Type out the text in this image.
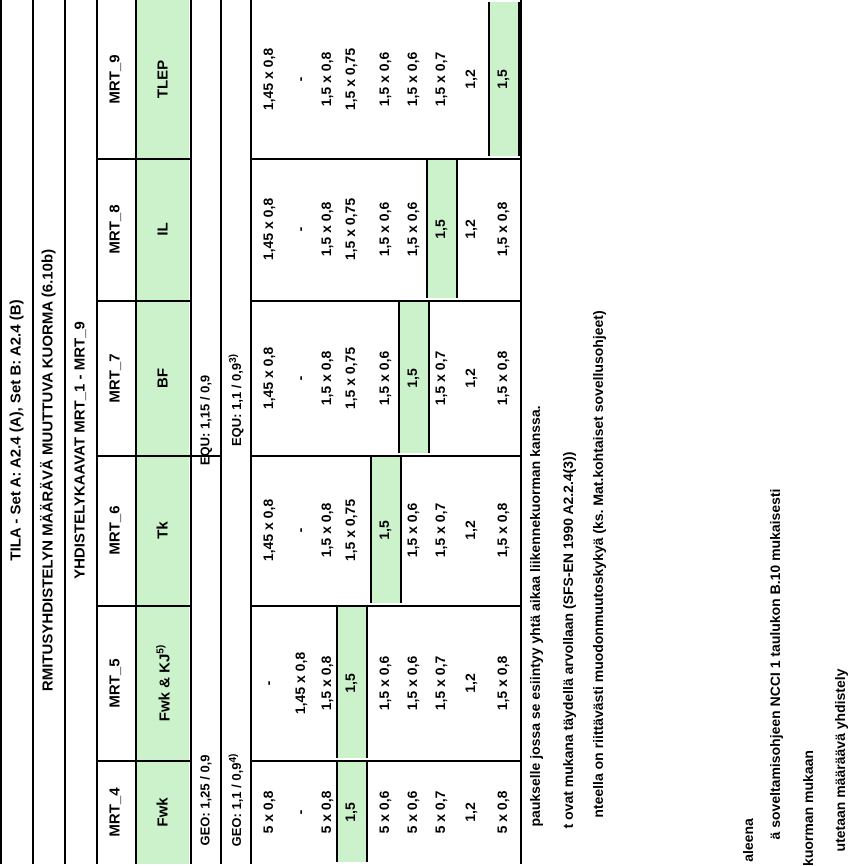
TILA - Set A: A2.4 (A), Set B: A2.4 (B) RMITUSYHDISTELYN MÄÄRÄVÄ MUUTTUVA KUORMA (6.10b) YHDISTELYKAAVAT MRT_1 - MRT_9
MRT_9 TLEP
MRT_8 IL
MRT_7 BF
MRT_6 Tk
MRT_5 Fwk & KJ$^{5)}$
MRT_4 Fwk GEO: 1,25 / 0,9
EQU: 1,15 / 0,9
GEO: 1,1 / 0,9$^{4)}$
EQU: 1,1 / 0,9$^{3)}$
1,45 x 0,8 - 1,5 x 0,8 1,5 x 0,75 1,5 x 0,6 1,5 x 0,6 1,5 x 0,7 1,2 1,5
1,45 x 0,8 - 1,5 x 0,8 1,5 x 0,75 1,5 x 0,6 1,5 x 0,6 1,5 1,2 1,5 x 0,8
1,45 x 0,8 - 1,5 x 0,8 1,5 x 0,75 1,5 x 0,6 1,5 1,5 x 0,7 1,2 1,5 x 0,8
1,45 x 0,8 - 1,5 x 0,8 1,5 x 0,75 1,5 1,5 x 0,6 1,5 x 0,7 1,2 1,5 x 0,8
- 1,45 x 0,8 1,5 x 0,8 1,5 1,5 x 0,6 1,5 x 0,6 1,5 x 0,7 1,2 1,5 x 0,8
5 x 0,8 - 5 x 0,8 1,5 5 x 0,6 5 x 0,6 5 x 0,7 1,2 5 x 0,8 paukselle jossa se esiintyy yhtä aikaa liikennekuorman kanssa. t ovat mukana täydellä arvollaan (SFS-EN 1990 A2.2.4(3)) nteella on riittävästi muodonmuutoskykyä (ks. Mat.kohtaiset sovellusohjeet)
aleena
ä soveltamisohjeen NCCI 1 taulukon B.10 mukaisesti kuorman mukaan utetaan määräävä yhdistely
